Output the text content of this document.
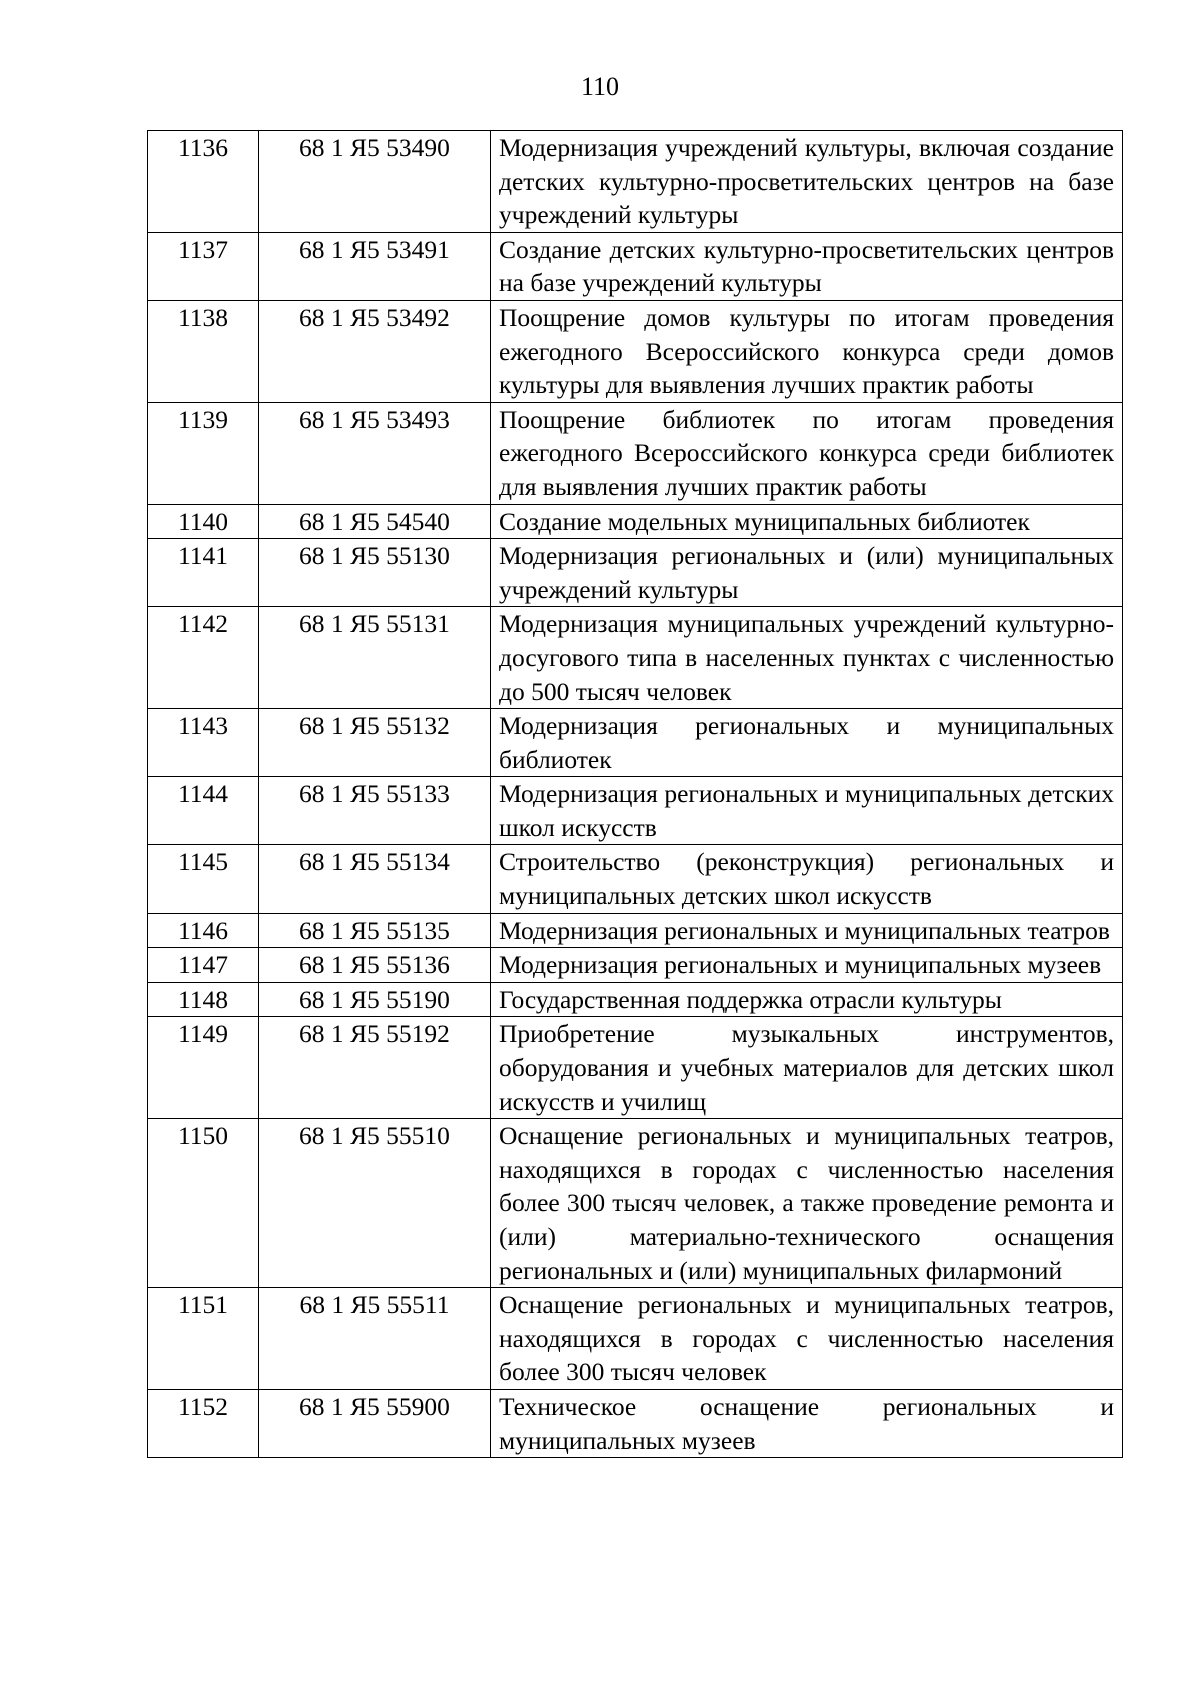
110
1136	68 1 Я5 53490	Модернизация учреждений культуры, включая создание детских культурно-просветительских центров на базе учреждений культуры
1137	68 1 Я5 53491	Создание детских культурно-просветительских центров на базе учреждений культуры
1138	68 1 Я5 53492	Поощрение домов культуры по итогам проведения ежегодного Всероссийского конкурса среди домов культуры для выявления лучших практик работы
1139	68 1 Я5 53493	Поощрение библиотек по итогам проведения ежегодного Всероссийского конкурса среди библиотек для выявления лучших практик работы
1140	68 1 Я5 54540	Создание модельных муниципальных библиотек
1141	68 1 Я5 55130	Модернизация региональных и (или) муниципальных учреждений культуры
1142	68 1 Я5 55131	Модернизация муниципальных учреждений культурно-досугового типа в населенных пунктах с численностью до 500 тысяч человек
1143	68 1 Я5 55132	Модернизация региональных и муниципальных библиотек
1144	68 1 Я5 55133	Модернизация региональных и муниципальных детских школ искусств
1145	68 1 Я5 55134	Строительство (реконструкция) региональных и муниципальных детских школ искусств
1146	68 1 Я5 55135	Модернизация региональных и муниципальных театров
1147	68 1 Я5 55136	Модернизация региональных и муниципальных музеев
1148	68 1 Я5 55190	Государственная поддержка отрасли культуры
1149	68 1 Я5 55192	Приобретение музыкальных инструментов, оборудования и учебных материалов для детских школ искусств и училищ
1150	68 1 Я5 55510	Оснащение региональных и муниципальных театров, находящихся в городах с численностью населения более 300 тысяч человек, а также проведение ремонта и (или) материально-технического оснащения региональных и (или) муниципальных филармоний
1151	68 1 Я5 55511	Оснащение региональных и муниципальных театров, находящихся в городах с численностью населения более 300 тысяч человек
1152	68 1 Я5 55900	Техническое оснащение региональных и муниципальных музеев
